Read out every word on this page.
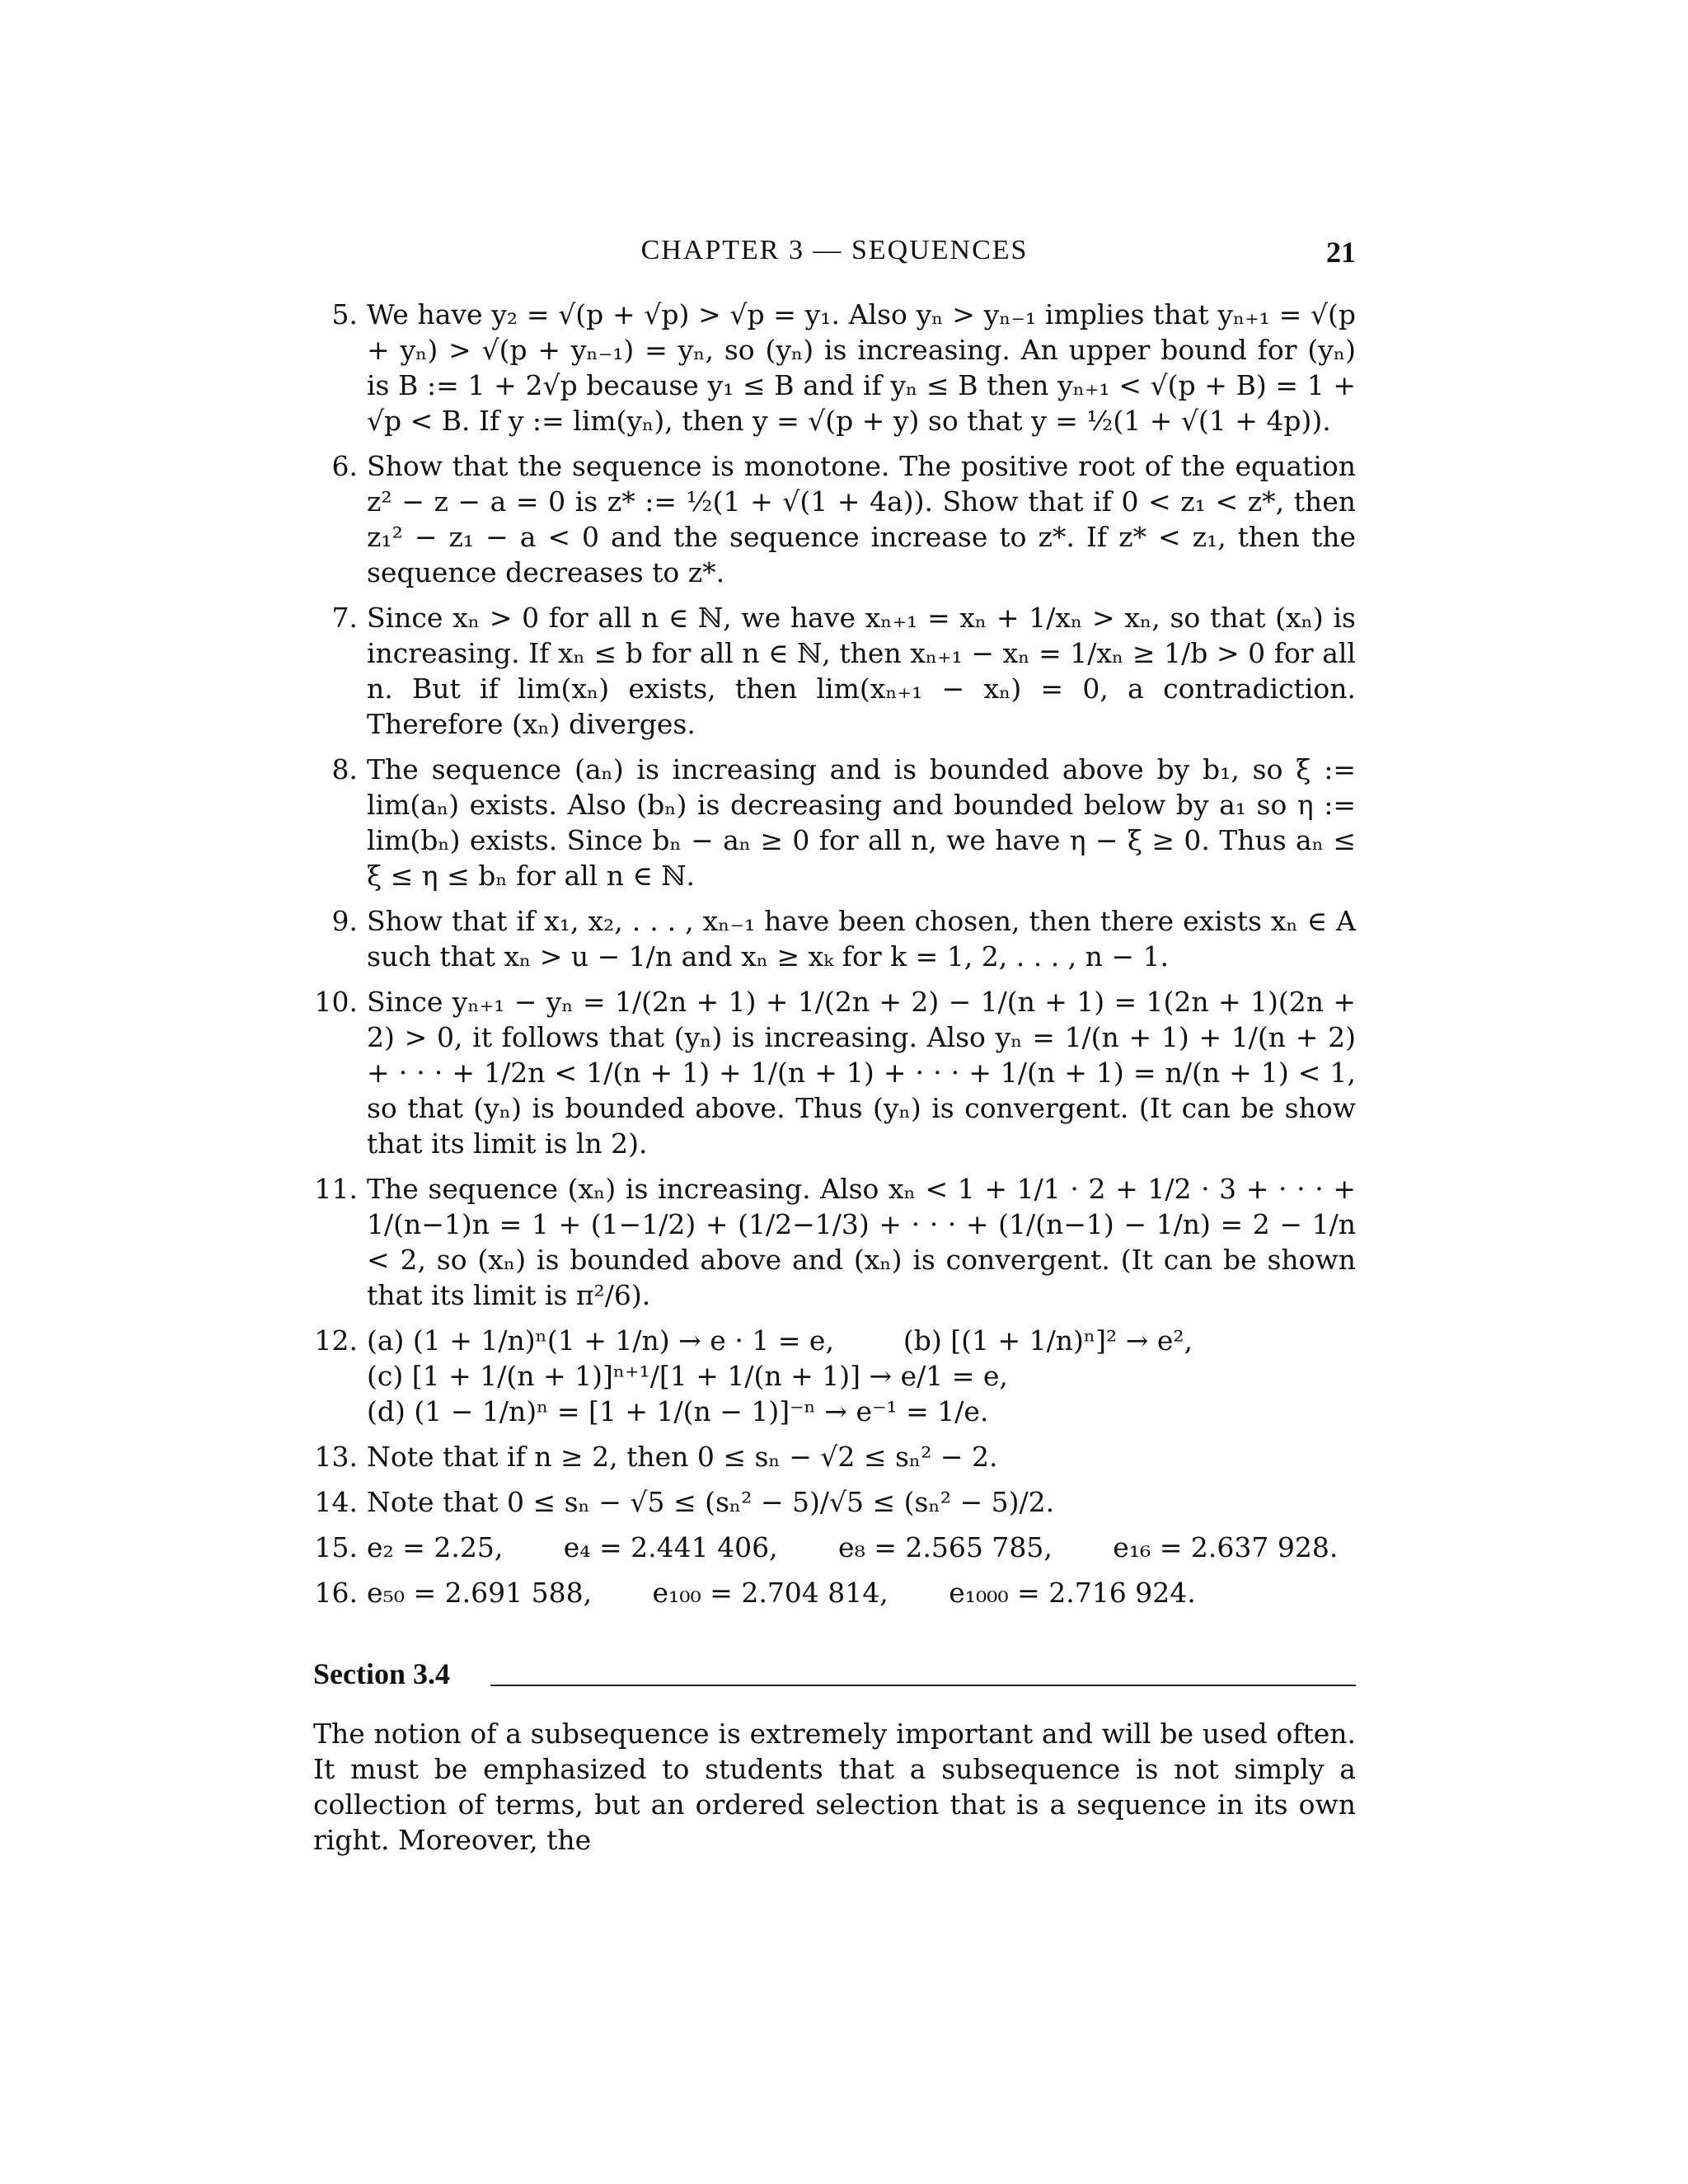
CHAPTER 3 — SEQUENCES	21
5. We have y₂ = √(p + √p) > √p = y₁. Also yₙ > yₙ₋₁ implies that yₙ₊₁ = √(p + yₙ) > √(p + yₙ₋₁) = yₙ, so (yₙ) is increasing. An upper bound for (yₙ) is B := 1 + 2√p because y₁ ≤ B and if yₙ ≤ B then yₙ₊₁ < √(p + B) = 1 + √p < B. If y := lim(yₙ), then y = √(p + y) so that y = ½(1 + √(1 + 4p)).
6. Show that the sequence is monotone. The positive root of the equation z² − z − a = 0 is z* := ½(1 + √(1 + 4a)). Show that if 0 < z₁ < z*, then z₁² − z₁ − a < 0 and the sequence increase to z*. If z* < z₁, then the sequence decreases to z*.
7. Since xₙ > 0 for all n ∈ ℕ, we have xₙ₊₁ = xₙ + 1/xₙ > xₙ, so that (xₙ) is increasing. If xₙ ≤ b for all n ∈ ℕ, then xₙ₊₁ − xₙ = 1/xₙ ≥ 1/b > 0 for all n. But if lim(xₙ) exists, then lim(xₙ₊₁ − xₙ) = 0, a contradiction. Therefore (xₙ) diverges.
8. The sequence (aₙ) is increasing and is bounded above by b₁, so ξ := lim(aₙ) exists. Also (bₙ) is decreasing and bounded below by a₁ so η := lim(bₙ) exists. Since bₙ − aₙ ≥ 0 for all n, we have η − ξ ≥ 0. Thus aₙ ≤ ξ ≤ η ≤ bₙ for all n ∈ ℕ.
9. Show that if x₁, x₂, . . . , xₙ₋₁ have been chosen, then there exists xₙ ∈ A such that xₙ > u − 1/n and xₙ ≥ xₖ for k = 1, 2, . . . , n − 1.
10. Since yₙ₊₁ − yₙ = 1/(2n + 1) + 1/(2n + 2) − 1/(n + 1) = 1(2n + 1)(2n + 2) > 0, it follows that (yₙ) is increasing. Also yₙ = 1/(n + 1) + 1/(n + 2) + · · · + 1/2n < 1/(n + 1) + 1/(n + 1) + · · · + 1/(n + 1) = n/(n + 1) < 1, so that (yₙ) is bounded above. Thus (yₙ) is convergent. (It can be show that its limit is ln 2).
11. The sequence (xₙ) is increasing. Also xₙ < 1 + 1/1 · 2 + 1/2 · 3 + · · · + 1/(n−1)n = 1 + (1−1/2) + (1/2−1/3) + · · · + (1/(n−1) − 1/n) = 2 − 1/n < 2, so (xₙ) is bounded above and (xₙ) is convergent. (It can be shown that its limit is π²/6).
12. (a) (1 + 1/n)ⁿ(1 + 1/n) → e · 1 = e,        (b) [(1 + 1/n)ⁿ]² → e²,
(c) [1 + 1/(n + 1)]ⁿ⁺¹/[1 + 1/(n + 1)] → e/1 = e,
(d) (1 − 1/n)ⁿ = [1 + 1/(n − 1)]⁻ⁿ → e⁻¹ = 1/e.
13. Note that if n ≥ 2, then 0 ≤ sₙ − √2 ≤ sₙ² − 2.
14. Note that 0 ≤ sₙ − √5 ≤ (sₙ² − 5)/√5 ≤ (sₙ² − 5)/2.
15. e₂ = 2.25,       e₄ = 2.441 406,       e₈ = 2.565 785,       e₁₆ = 2.637 928.
16. e₅₀ = 2.691 588,       e₁₀₀ = 2.704 814,       e₁₀₀₀ = 2.716 924.
Section 3.4
The notion of a subsequence is extremely important and will be used often. It must be emphasized to students that a subsequence is not simply a collection of terms, but an ordered selection that is a sequence in its own right. Moreover, the
